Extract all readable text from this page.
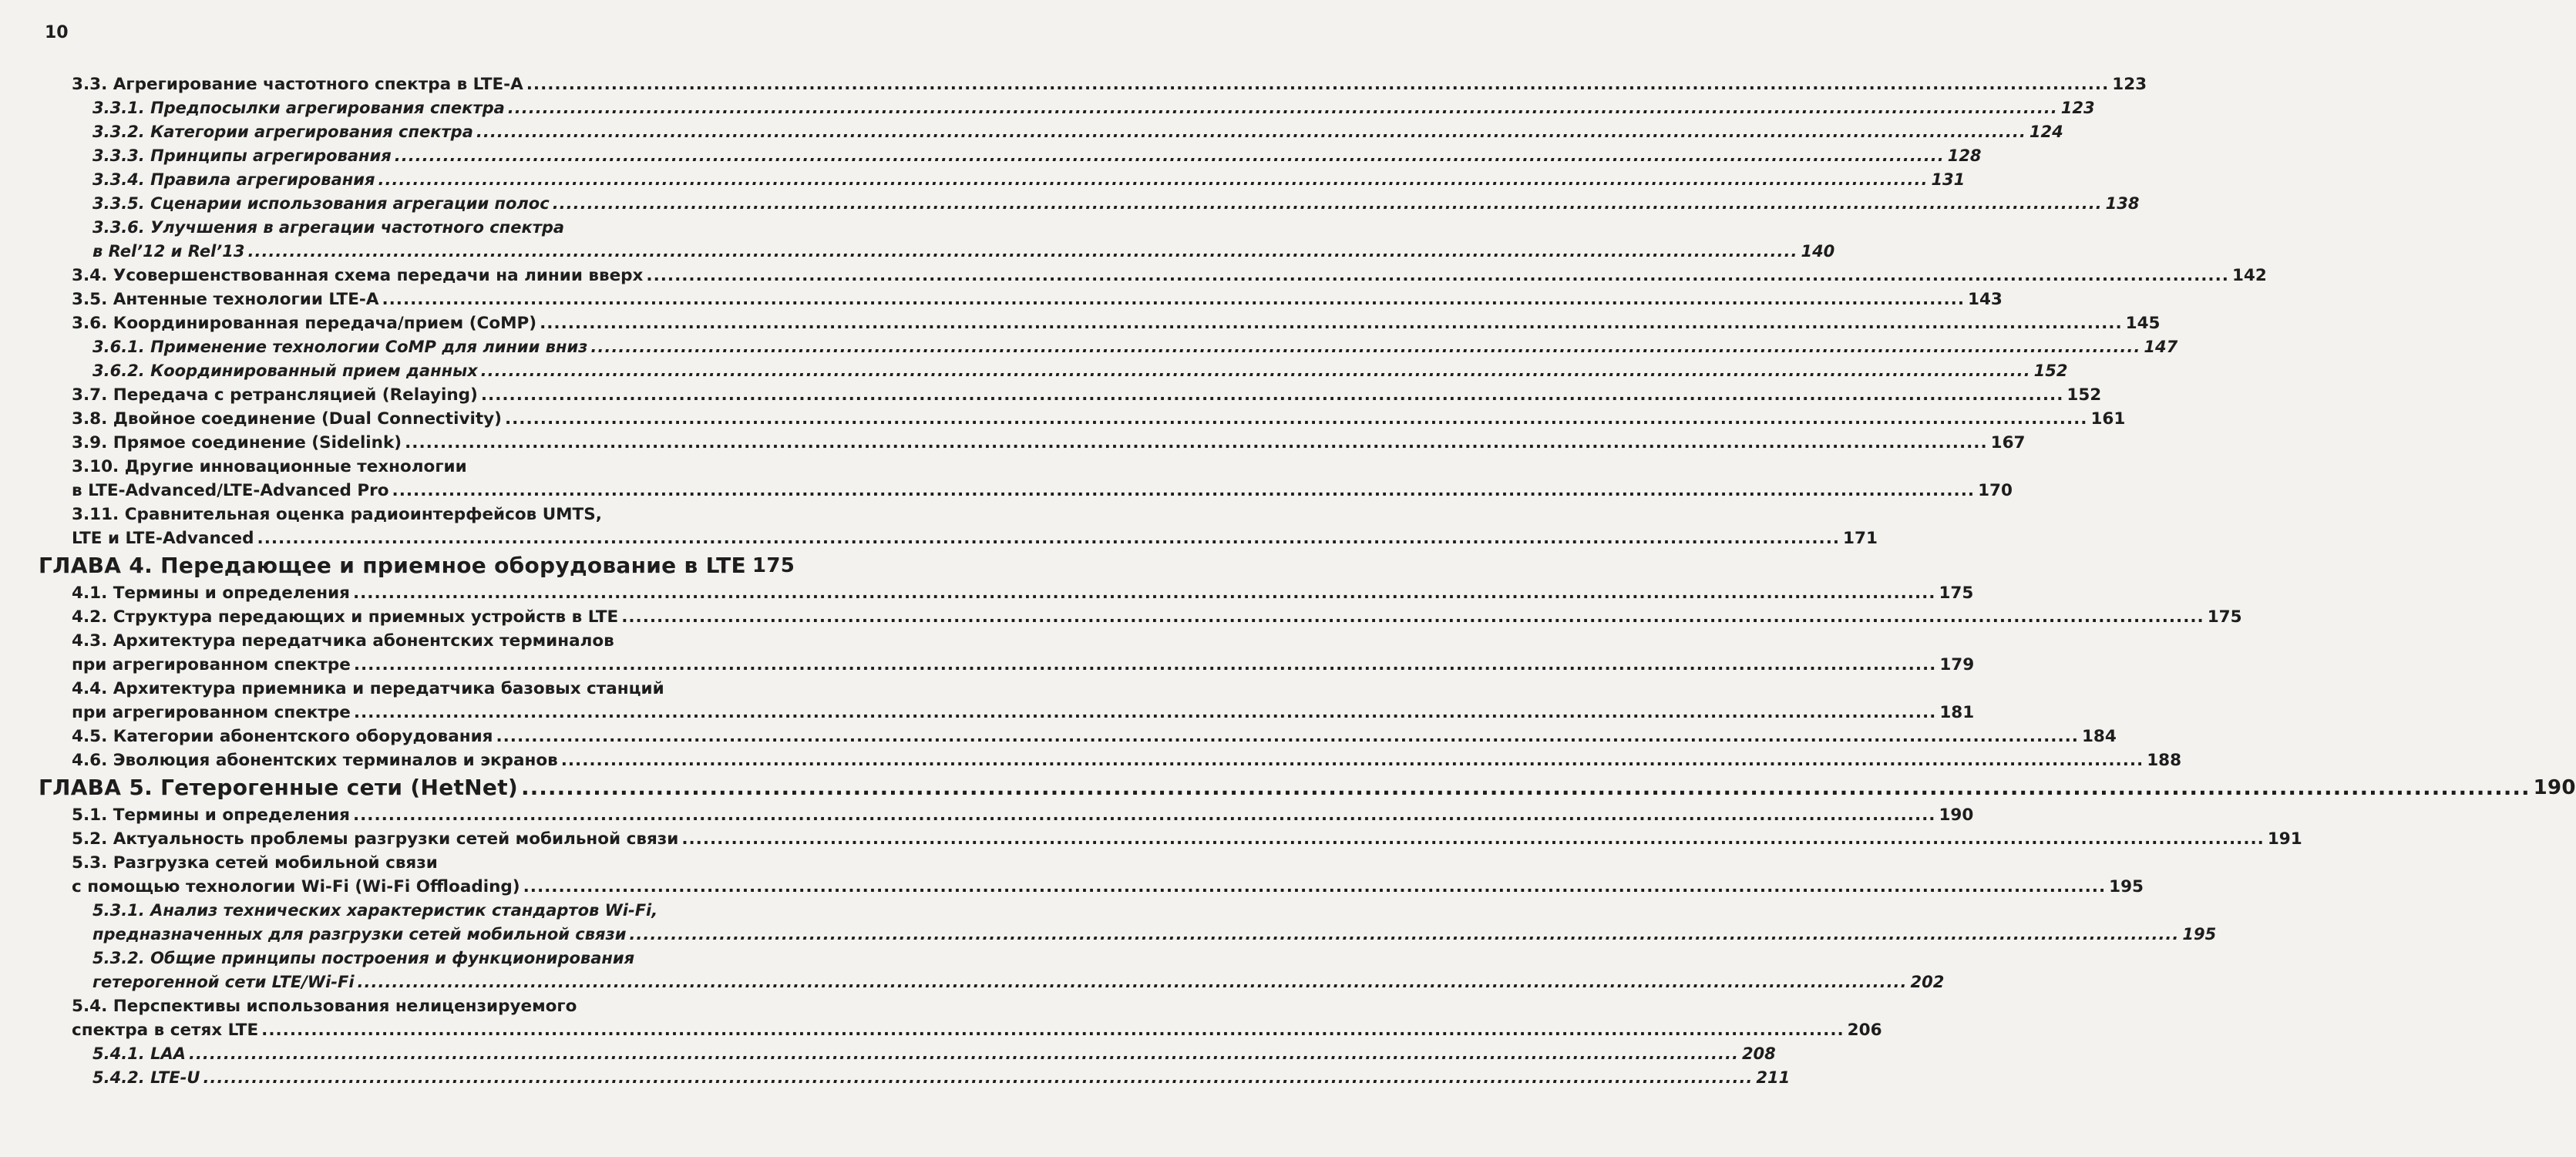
10
3.3. Агрегирование частотного спектра в LTE-A .....	123
3.3.1. Предпосылки агрегирования спектра .....	123
3.3.2. Категории агрегирования спектра .....	124
3.3.3. Принципы агрегирования .....	128
3.3.4. Правила агрегирования .....	131
3.3.5. Сценарии использования агрегации полос .....	138
3.3.6. Улучшения в агрегации частотного спектра
в Rel’12 и Rel’13 .....	140
3.4. Усовершенствованная схема передачи на линии вверх .....	142
3.5. Антенные технологии LTE-A .....	143
3.6. Координированная передача/прием (CoMP) .....	145
3.6.1. Применение технологии CoMP для линии вниз .....	147
3.6.2. Координированный прием данных .....	152
3.7. Передача с ретрансляцией (Relaying) .....	152
3.8. Двойное соединение (Dual Connectivity) .....	161
3.9. Прямое соединение (Sidelink) .....	167
3.10. Другие инновационные технологии
в LTE-Advanced/LTE-Advanced Pro .....	170
3.11. Сравнительная оценка радиоинтерфейсов UMTS,
LTE и LTE-Advanced .....	171
ГЛАВА 4. Передающее и приемное оборудование в LTE 175
4.1. Термины и определения .....	175
4.2. Структура передающих и приемных устройств в LTE .....	175
4.3. Архитектура передатчика абонентских терминалов
при агрегированном спектре .....	179
4.4. Архитектура приемника и передатчика базовых станций
при агрегированном спектре .....	181
4.5. Категории абонентского оборудования .....	184
4.6. Эволюция абонентских терминалов и экранов .....	188
ГЛАВА 5. Гетерогенные сети (HetNet) .....	190
5.1. Термины и определения .....	190
5.2. Актуальность проблемы разгрузки сетей мобильной связи .....	191
5.3. Разгрузка сетей мобильной связи
с помощью технологии Wi-Fi (Wi-Fi Offloading) .....	195
5.3.1. Анализ технических характеристик стандартов Wi-Fi,
предназначенных для разгрузки сетей мобильной связи .....	195
5.3.2. Общие принципы построения и функционирования
гетерогенной сети LTE/Wi-Fi .....	202
5.4. Перспективы использования нелицензируемого
спектра в сетях LTE .....	206
5.4.1. LAA .....	208
5.4.2. LTE-U .....	211
